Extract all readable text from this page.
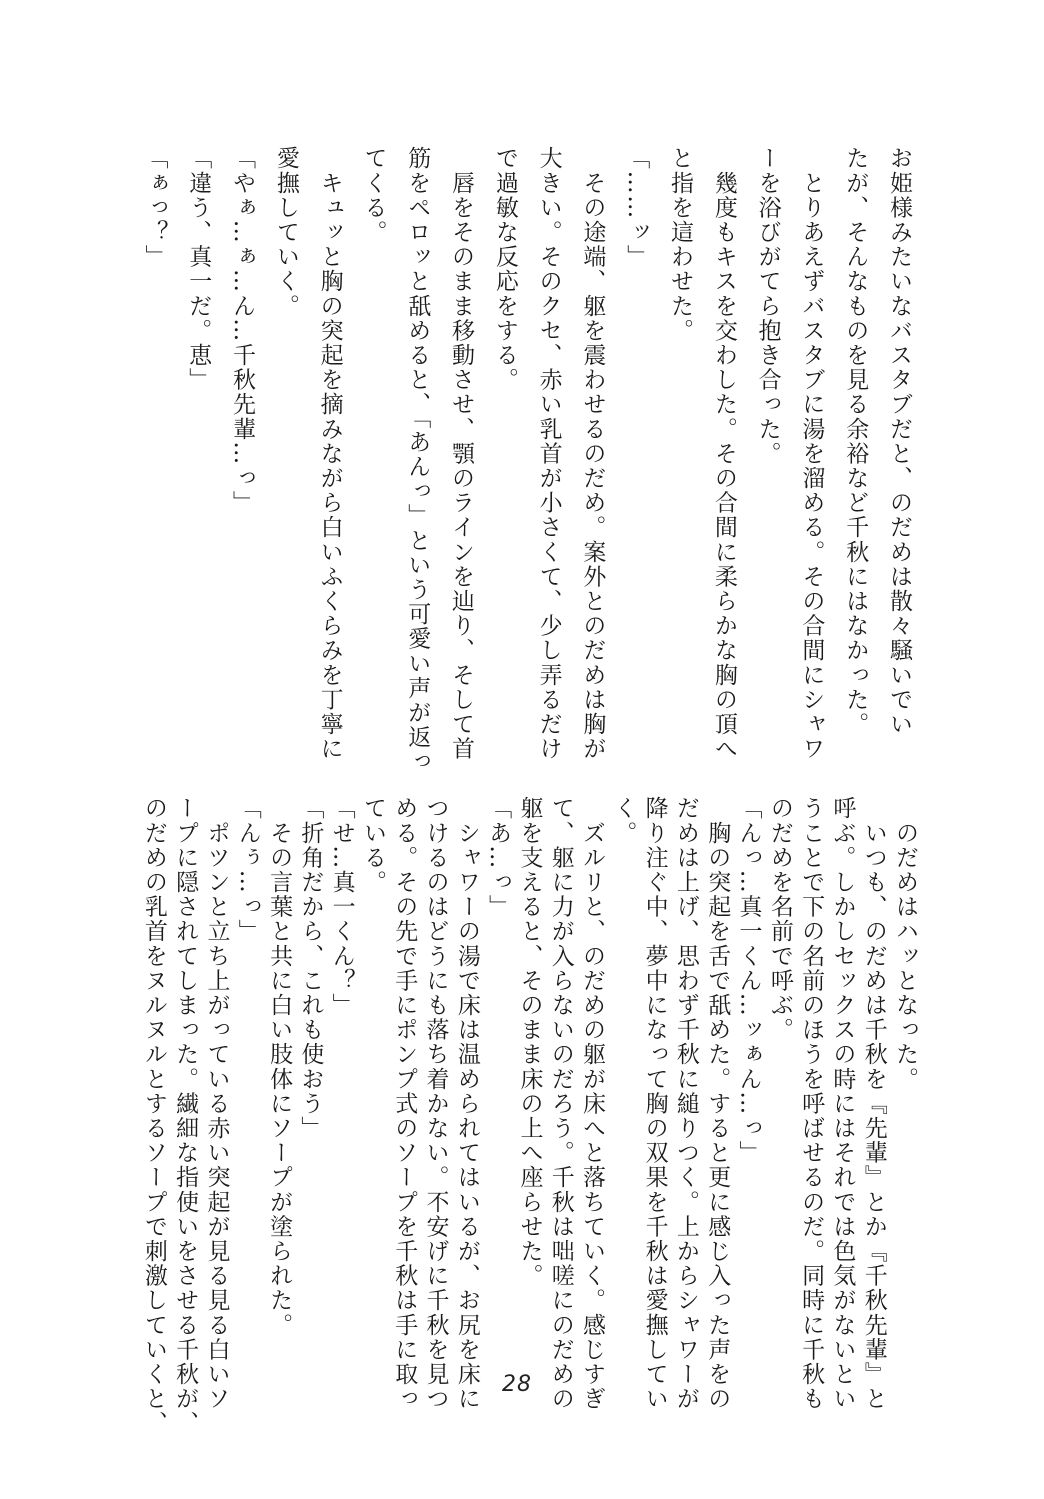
お姫様みたいなバスタブだと、のだめは散々騒いでい
たが、そんなものを見る余裕など千秋にはなかった。
　とりあえずバスタブに湯を溜める。その合間にシャワ
ーを浴びがてら抱き合った。
　幾度もキスを交わした。その合間に柔らかな胸の頂へ
と指を這わせた。
「……ッ」
　その途端、躯を震わせるのだめ。案外とのだめは胸が
大きい。そのクセ、赤い乳首が小さくて、少し弄るだけ
で過敏な反応をする。
　唇をそのまま移動させ、顎のラインを辿り、そして首
筋をペロッと舐めると、「あんっ」という可愛い声が返っ
てくる。
　キュッと胸の突起を摘みながら白いふくらみを丁寧に
愛撫していく。
「やぁ…ぁ…ん…千秋先輩…っ」
「違う、真一だ。恵」
「ぁっ？」
　のだめはハッとなった。
　いつも、のだめは千秋を『先輩』とか『千秋先輩』と
呼ぶ。しかしセックスの時にはそれでは色気がないとい
うことで下の名前のほうを呼ばせるのだ。同時に千秋も
のだめを名前で呼ぶ。
「んっ…真一くん…ッぁん…っ」
　胸の突起を舌で舐めた。すると更に感じ入った声をの
だめは上げ、思わず千秋に縋りつく。上からシャワーが
降り注ぐ中、夢中になって胸の双果を千秋は愛撫してい
く。
　ズルリと、のだめの躯が床へと落ちていく。感じすぎ
て、躯に力が入らないのだろう。千秋は咄嗟にのだめの
躯を支えると、そのまま床の上へ座らせた。
「あ…っ」
　シャワーの湯で床は温められてはいるが、お尻を床に
つけるのはどうにも落ち着かない。不安げに千秋を見つ
める。その先で手にポンプ式のソープを千秋は手に取っ
ている。
「せ…真一くん？」
「折角だから、これも使おう」
　その言葉と共に白い肢体にソープが塗られた。
「んぅ…っ」
　ポツンと立ち上がっている赤い突起が見る見る白いソ
ープに隠されてしまった。繊細な指使いをさせる千秋が、
のだめの乳首をヌルヌルとするソープで刺激していくと、	28
